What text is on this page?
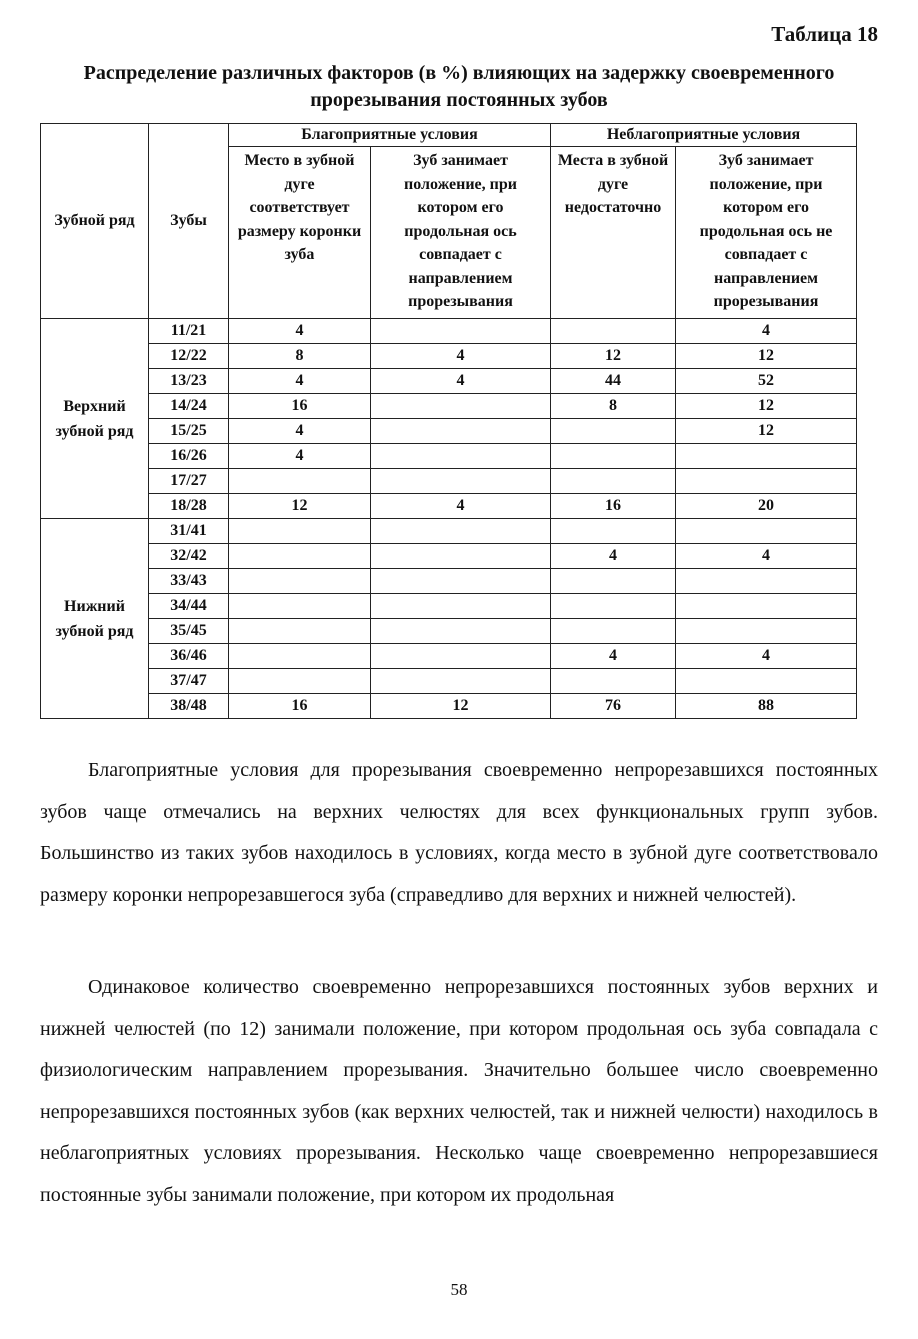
Таблица 18
Распределение различных факторов (в %) влияющих на задержку своевременного прорезывания постоянных зубов
Зубной ряд	Зубы	Благоприятные условия		Неблагоприятные условия	
		Место в зубной дуге соответствует размеру коронки зуба	Зуб занимает положение, при котором его продольная ось совпадает с направлением прорезывания	Места в зубной дуге недостаточно	Зуб занимает положение, при котором его продольная ось не совпадает с направлением прорезывания
Верхний зубной ряд	11/21	4			4
	12/22	8	4	12	12
	13/23	4	4	44	52
	14/24	16		8	12
	15/25	4			12
	16/26	4			
	17/27				
	18/28	12	4	16	20
Нижний зубной ряд	31/41				
	32/42			4	4
	33/43				
	34/44				
	35/45				
	36/46			4	4
	37/47				
	38/48	16	12	76	88

Благоприятные условия для прорезывания своевременно непрорезавшихся постоянных зубов чаще отмечались на верхних челюстях для всех функциональных групп зубов. Большинство из таких зубов находилось в условиях, когда место в зубной дуге соответствовало размеру коронки непрорезавшегося зуба (справедливо для верхних и нижней челюстей).

Одинаковое количество своевременно непрорезавшихся постоянных зубов верхних и нижней челюстей (по 12) занимали положение, при котором продольная ось зуба совпадала с физиологическим направлением прорезывания. Значительно большее число своевременно непрорезавшихся постоянных зубов (как верхних челюстей, так и нижней челюсти) находилось в неблагоприятных условиях прорезывания. Несколько чаще своевременно непрорезавшиеся постоянные зубы занимали положение, при котором их продольная

58
